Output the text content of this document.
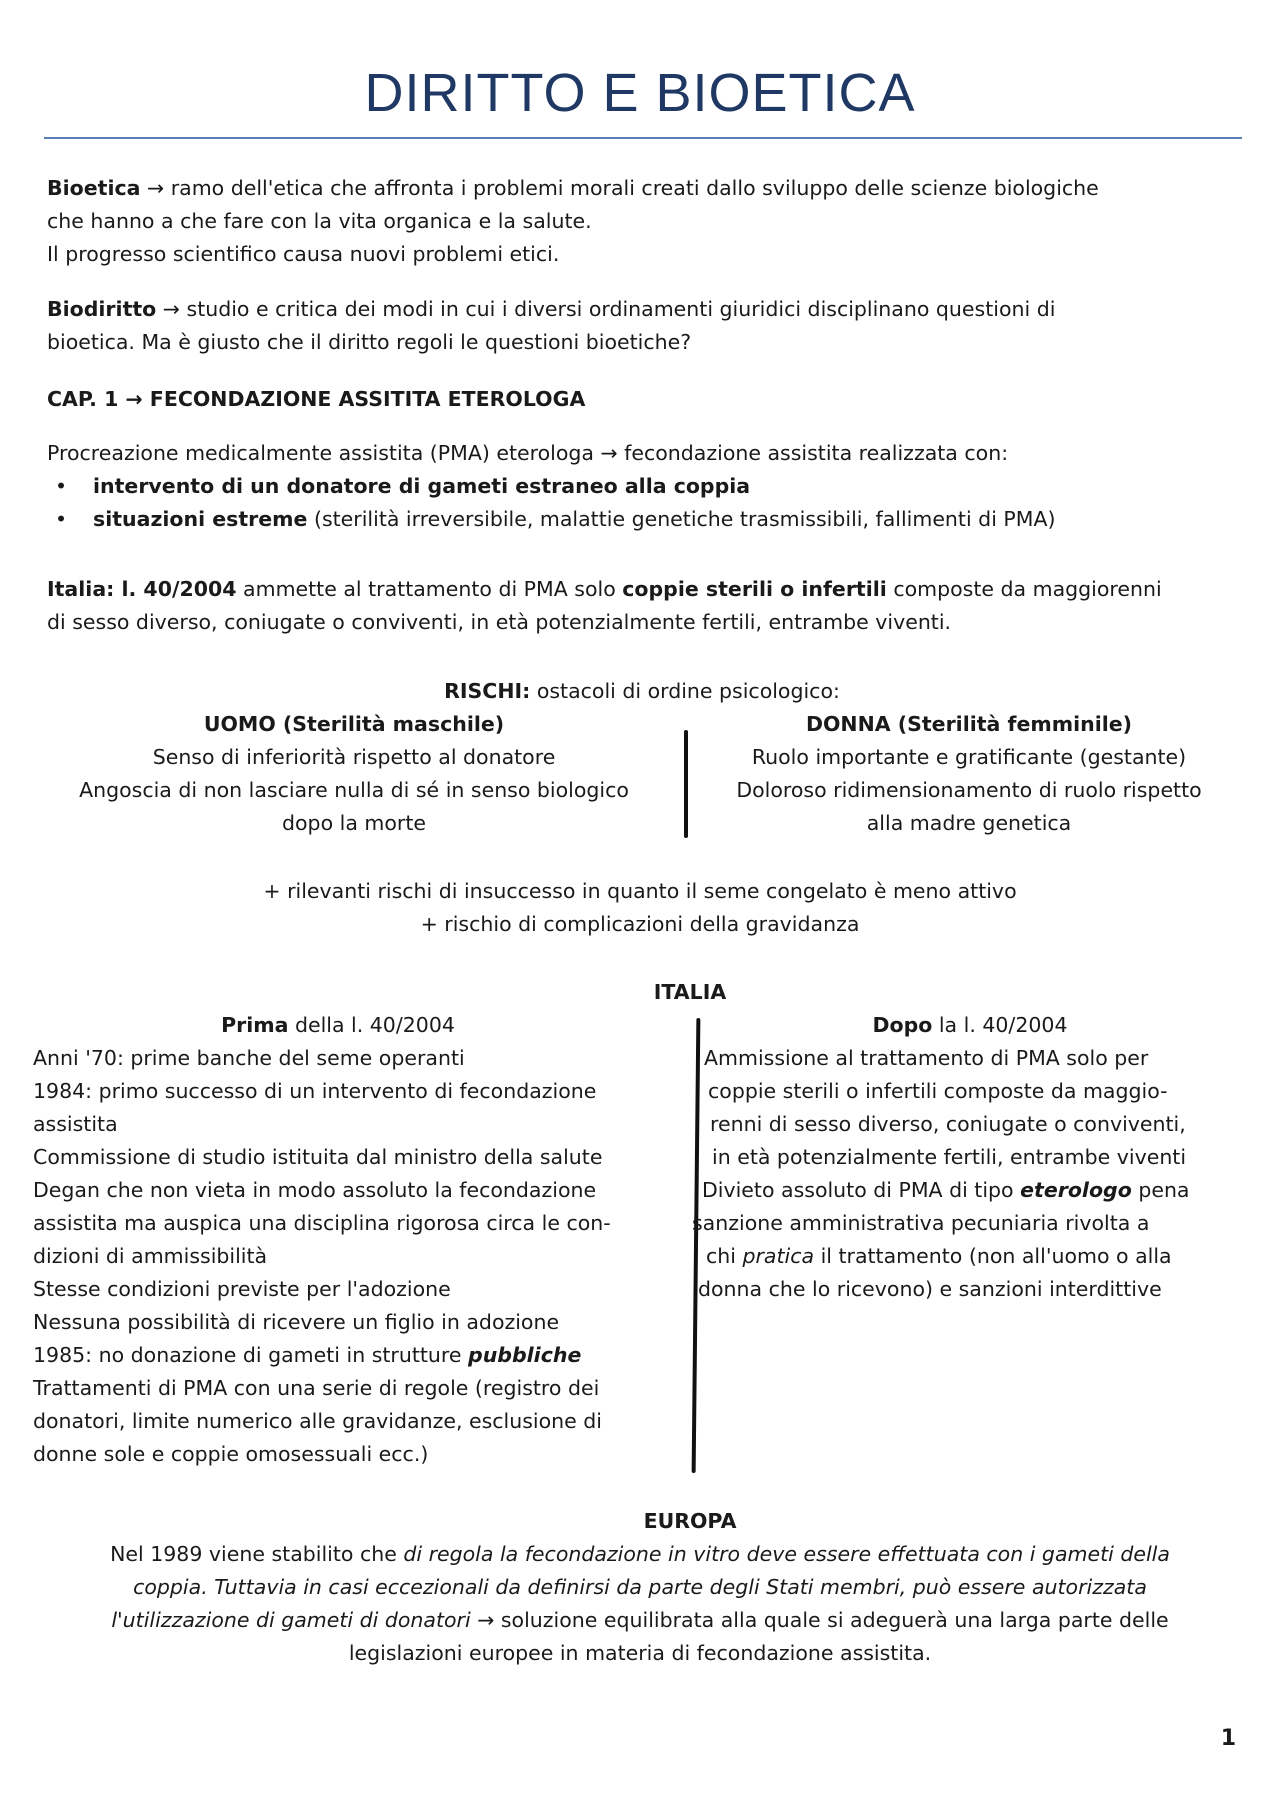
DIRITTO E BIOETICA

Bioetica → ramo dell'etica che affronta i problemi morali creati dallo sviluppo delle scienze biologiche
che hanno a che fare con la vita organica e la salute.
Il progresso scientifico causa nuovi problemi etici.

Biodiritto → studio e critica dei modi in cui i diversi ordinamenti giuridici disciplinano questioni di
bioetica. Ma è giusto che il diritto regoli le questioni bioetiche?

CAP. 1 → FECONDAZIONE ASSITITA ETEROLOGA

Procreazione medicalmente assistita (PMA) eterologa → fecondazione assistita realizzata con:

• intervento di un donatore di gameti estraneo alla coppia
• situazioni estreme (sterilità irreversibile, malattie genetiche trasmissibili, fallimenti di PMA)

Italia: l. 40/2004 ammette al trattamento di PMA solo coppie sterili o infertili composte da maggiorenni
di sesso diverso, coniugate o conviventi, in età potenzialmente fertili, entrambe viventi.

RISCHI: ostacoli di ordine psicologico:

UOMO (Sterilità maschile)
Senso di inferiorità rispetto al donatore
Angoscia di non lasciare nulla di sé in senso biologico
dopo la morte
DONNA (Sterilità femminile)
Ruolo importante e gratificante (gestante)
Doloroso ridimensionamento di ruolo rispetto
alla madre genetica

+ rilevanti rischi di insuccesso in quanto il seme congelato è meno attivo
+ rischio di complicazioni della gravidanza

ITALIA

Prima della l. 40/2004
Anni '70: prime banche del seme operanti
1984: primo successo di un intervento di fecondazione
assistita
Commissione di studio istituita dal ministro della salute
Degan che non vieta in modo assoluto la fecondazione
assistita ma auspica una disciplina rigorosa circa le con-
dizioni di ammissibilità
Stesse condizioni previste per l'adozione
Nessuna possibilità di ricevere un figlio in adozione
1985: no donazione di gameti in strutture pubbliche
Trattamenti di PMA con una serie di regole (registro dei
donatori, limite numerico alle gravidanze, esclusione di
donne sole e coppie omosessuali ecc.)
Dopo la l. 40/2004
Ammissione al trattamento di PMA solo per
coppie sterili o infertili composte da maggio-
renni di sesso diverso, coniugate o conviventi,
in età potenzialmente fertili, entrambe viventi
Divieto assoluto di PMA di tipo eterologo pena
sanzione amministrativa pecuniaria rivolta a
chi pratica il trattamento (non all'uomo o alla
donna che lo ricevono) e sanzioni interdittive

EUROPA

Nel 1989 viene stabilito che di regola la fecondazione in vitro deve essere effettuata con i gameti della
coppia. Tuttavia in casi eccezionali da definirsi da parte degli Stati membri, può essere autorizzata
l'utilizzazione di gameti di donatori → soluzione equilibrata alla quale si adeguerà una larga parte delle
legislazioni europee in materia di fecondazione assistita.

1
